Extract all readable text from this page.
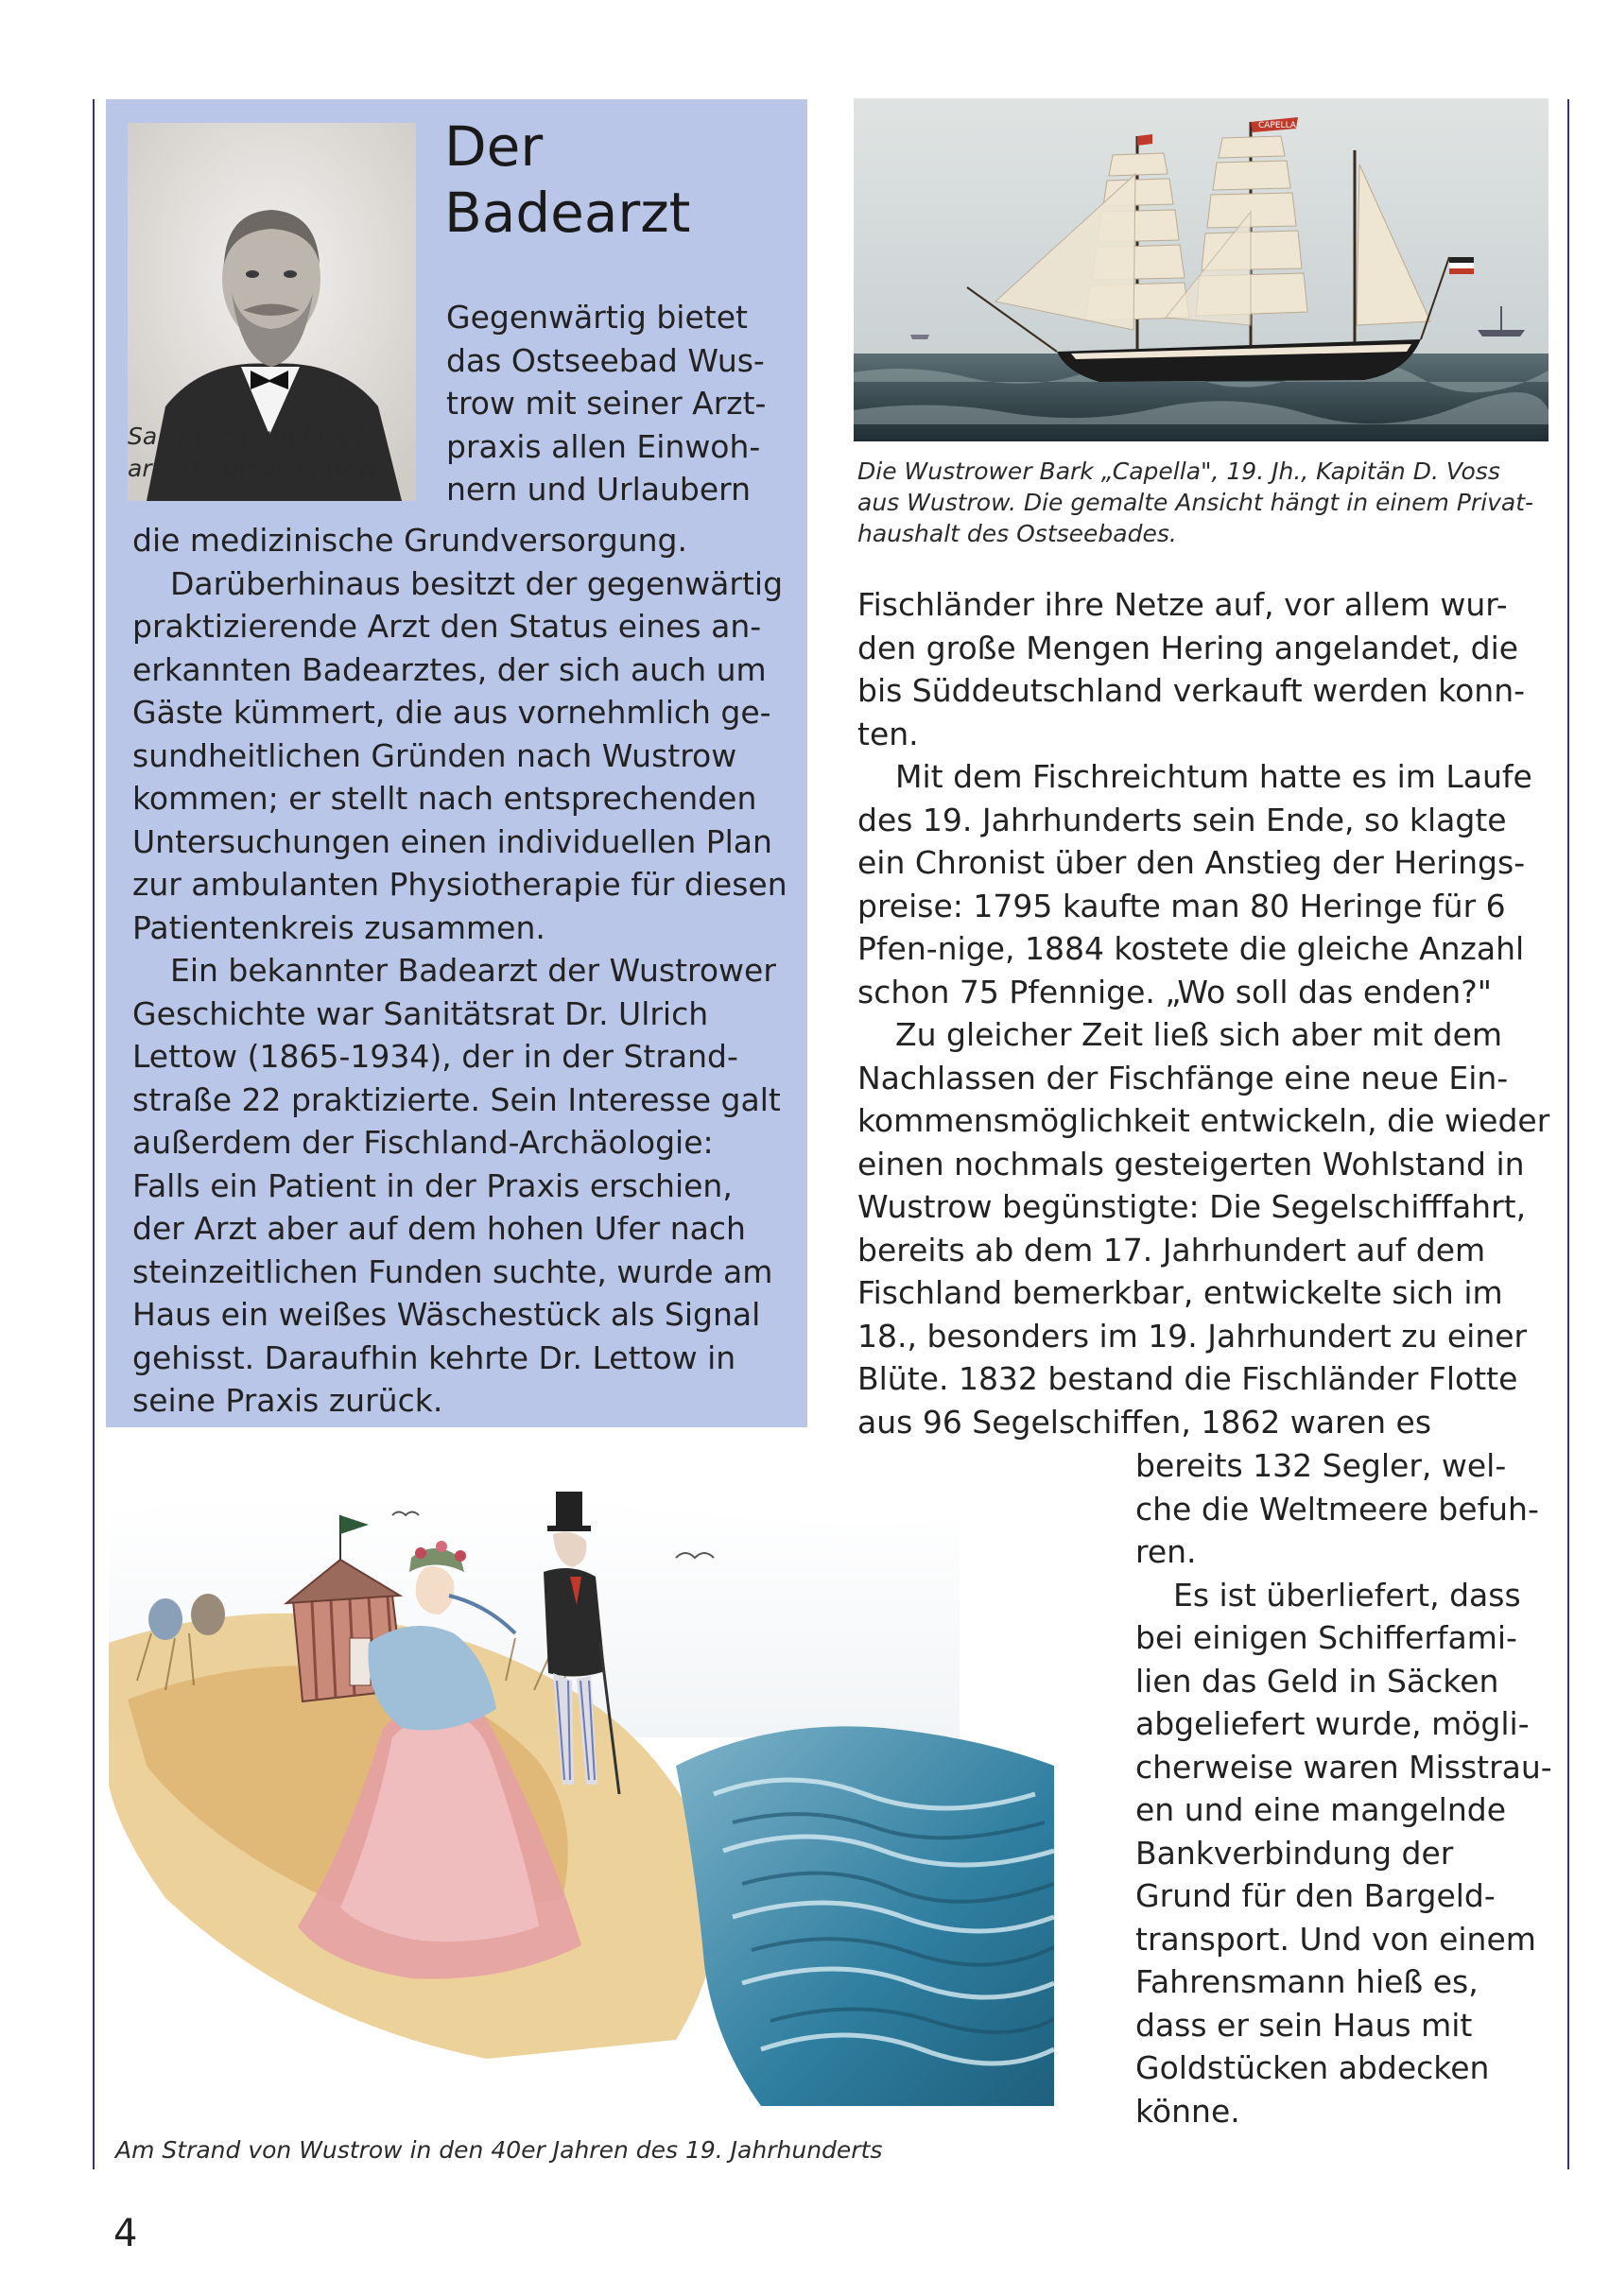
Sanitätsrat und Bade-
arzt Dr. Ulrich Lettow
Der
Badearzt
Gegenwärtig bietet
das Ostseebad Wus-
trow mit seiner Arzt-
praxis allen Einwoh-
nern und Urlaubern
die medizinische Grundversorgung.
Darüberhinaus besitzt der gegenwärtig
praktizierende Arzt den Status eines an-
erkannten Badearztes, der sich auch um
Gäste kümmert, die aus vornehmlich ge-
sundheitlichen Gründen nach Wustrow
kommen; er stellt nach entsprechenden
Untersuchungen einen individuellen Plan
zur ambulanten Physiotherapie für diesen
Patientenkreis zusammen.
Ein bekannter Badearzt der Wustrower
Geschichte war Sanitätsrat Dr. Ulrich
Lettow (1865-1934), der in der Strand-
straße 22 praktizierte. Sein Interesse galt
außerdem der Fischland-Archäologie:
Falls ein Patient in der Praxis erschien,
der Arzt aber auf dem hohen Ufer nach
steinzeitlichen Funden suchte, wurde am
Haus ein weißes Wäschestück als Signal
gehisst. Daraufhin kehrte Dr. Lettow in
seine Praxis zurück.
CAPELLA
Die Wustrower Bark „Capella", 19. Jh., Kapitän D. Voss
aus Wustrow. Die gemalte Ansicht hängt in einem Privat-
haushalt des Ostseebades.
Fischländer ihre Netze auf, vor allem wur-
den große Mengen Hering angelandet, die
bis Süddeutschland verkauft werden konn-
ten.
Mit dem Fischreichtum hatte es im Laufe
des 19. Jahrhunderts sein Ende, so klagte
ein Chronist über den Anstieg der Herings-
preise: 1795 kaufte man 80 Heringe für 6
Pfen-nige, 1884 kostete die gleiche Anzahl
schon 75 Pfennige. „Wo soll das enden?"
Zu gleicher Zeit ließ sich aber mit dem
Nachlassen der Fischfänge eine neue Ein-
kommensmöglichkeit entwickeln, die wieder
einen nochmals gesteigerten Wohlstand in
Wustrow begünstigte: Die Segelschifffahrt,
bereits ab dem 17. Jahrhundert auf dem
Fischland bemerkbar, entwickelte sich im
18., besonders im 19. Jahrhundert zu einer
Blüte. 1832 bestand die Fischländer Flotte
aus 96 Segelschiffen, 1862 waren es
bereits 132 Segler, wel-
che die Weltmeere befuh-
ren.
Es ist überliefert, dass
bei einigen Schifferfami-
lien das Geld in Säcken
abgeliefert wurde, mögli-
cherweise waren Misstrau-
en und eine mangelnde
Bankverbindung der
Grund für den Bargeld-
transport. Und von einem
Fahrensmann hieß es,
dass er sein Haus mit
Goldstücken abdecken
könne.
Am Strand von Wustrow in den 40er Jahren des 19. Jahrhunderts
4
